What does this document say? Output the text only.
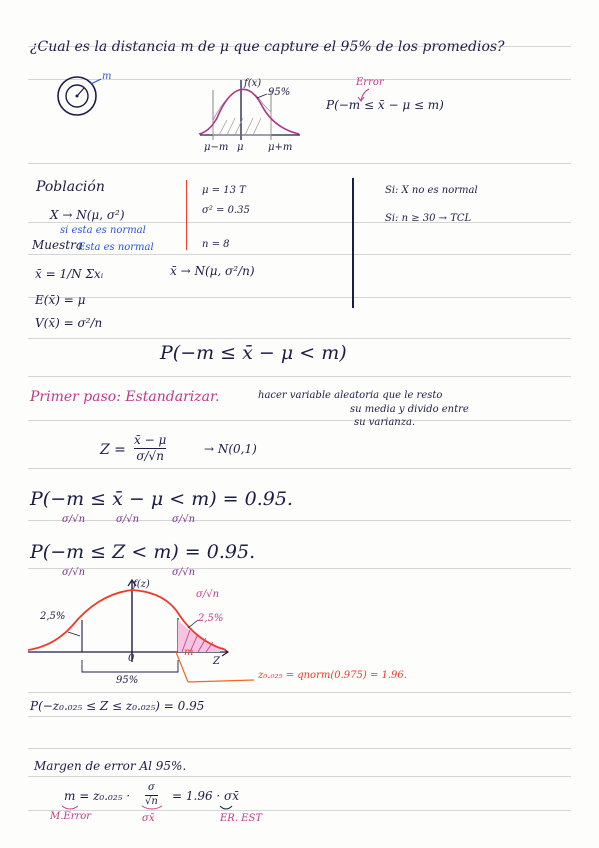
¿Cual es la distancia m de μ que capture el 95% de los promedios?
m
f(x)
95%
μ−m μ μ+m
Error
P(−m ≤ x̄ − μ ≤ m)
Población
X → N(μ, σ²)
si esta es normal
Muestra
Esta es normal
x̄ = 1/N Σxᵢ	x̄ → N(μ, σ²/n)
E(x̄) = μ
V(x̄) = σ²/n
μ = 13 T
σ² = 0.35
n = 8
Si: X no es normal
Si: n ≥ 30 → TCL
P(−m ≤ x̄ − μ < m)
Primer paso: Estandarizar.	hacer variable aleatoria que le resto
su media y divido entre
su varianza.
Z =
x̄ − μ
σ/√n	→ N(0,1)
P(−m ≤ x̄ − μ < m) = 0.95.
σ/√n	σ/√n	σ/√n
P(−m ≤ Z < m) = 0.95.
σ/√n	σ/√n
f(z)
2,5%	2,5%
σ/√n
0	Z
m
95%	z₀.₀₂₅ = qnorm(0.975) = 1.96.
P(−z₀.₀₂₅ ≤ Z ≤ z₀.₀₂₅) = 0.95
Margen de error Al 95%.
m = z₀.₀₂₅ ·
σ
√n = 1.96 · σx̄
M.Error	σx̄	ER. EST
